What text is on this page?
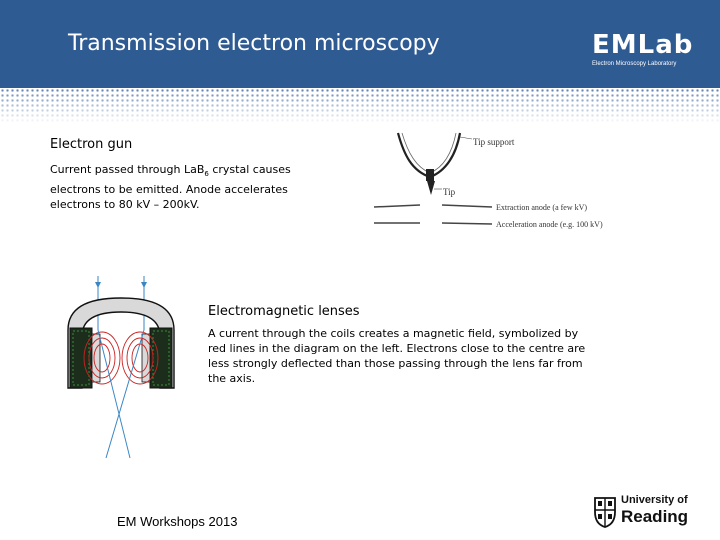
Transmission electron microscopy	EMLab
Electron Microscopy Laboratory
Electron gun
Current passed through LaB$_6$ crystal causes electrons to be emitted. Anode accelerates electrons to 80 kV – 200kV.
Tip support
Tip
Extraction anode (a few kV)
Acceleration anode (e.g. 100 kV)
Electromagnetic lenses
A current through the coils creates a magnetic field, symbolized by red lines in the diagram on the left. Electrons close to the centre are less strongly deflected than those passing through the lens far from the axis.
EM Workshops 2013
University of
Reading
